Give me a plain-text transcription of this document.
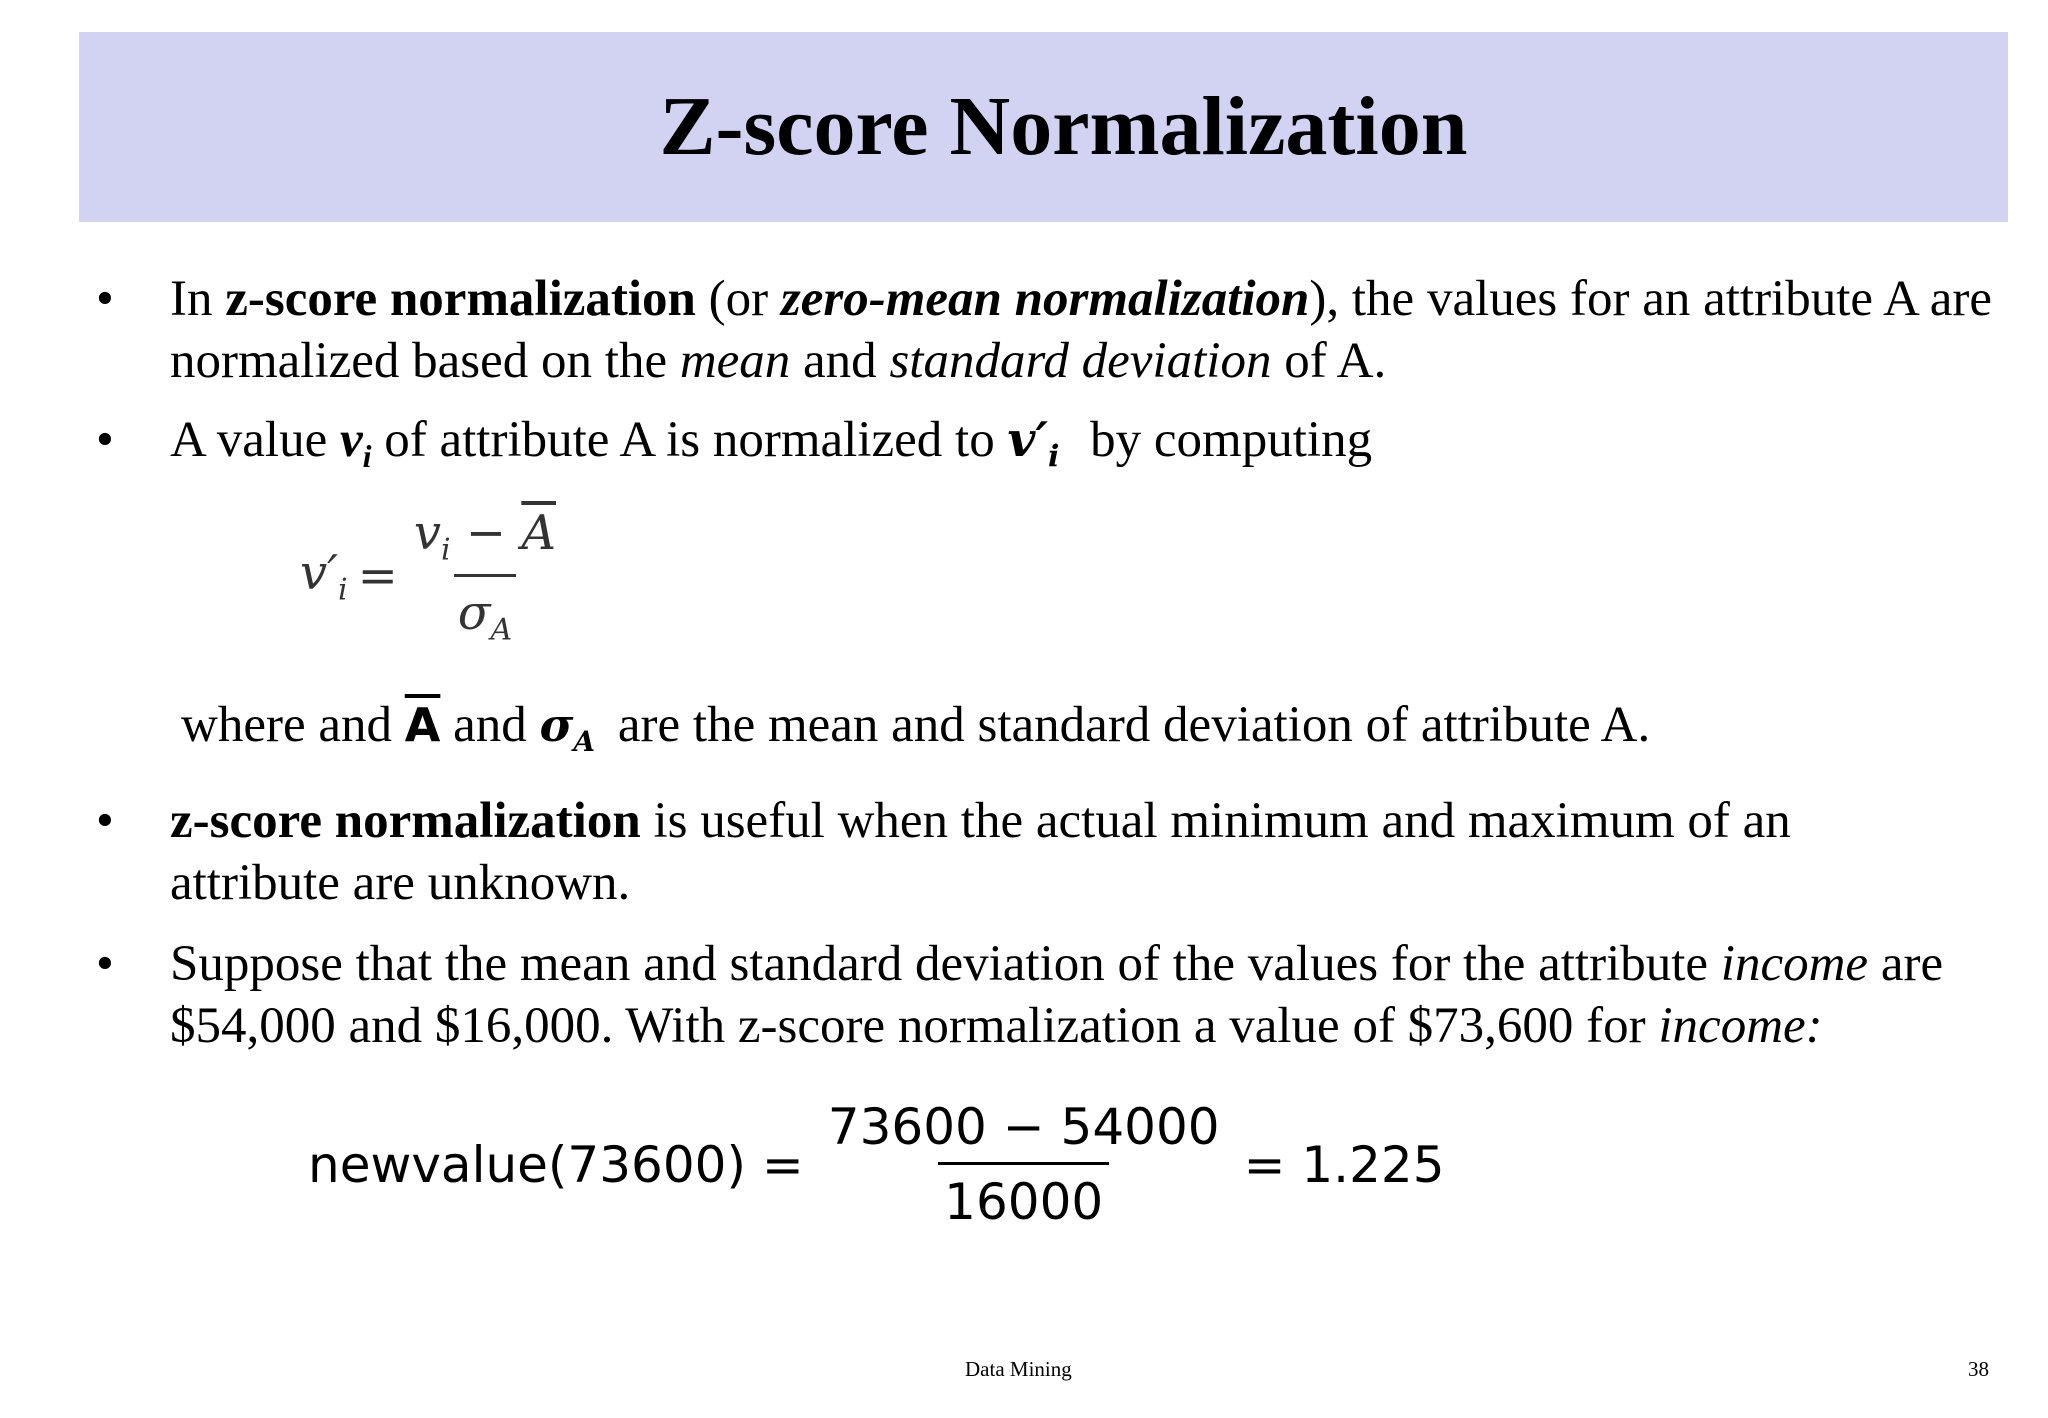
Z-score Normalization
• In z-score normalization (or zero-mean normalization), the values for an attribute A are normalized based on the mean and standard deviation of A.
• A value $v_i$ of attribute A is normalized to $v'_i$ by computing
$v'_i = \frac{v_i - \overline{A}}{\sigma_A}$
where and $\overline{A}$ and $\sigma_A$ are the mean and standard deviation of attribute A.
• z-score normalization is useful when the actual minimum and maximum of an attribute are unknown.
• Suppose that the mean and standard deviation of the values for the attribute income are $54,000 and $16,000. With z-score normalization a value of $73,600 for income:
newvalue(73600) = $\frac{73600 - 54000}{16000} = 1.225$
Data Mining	38
